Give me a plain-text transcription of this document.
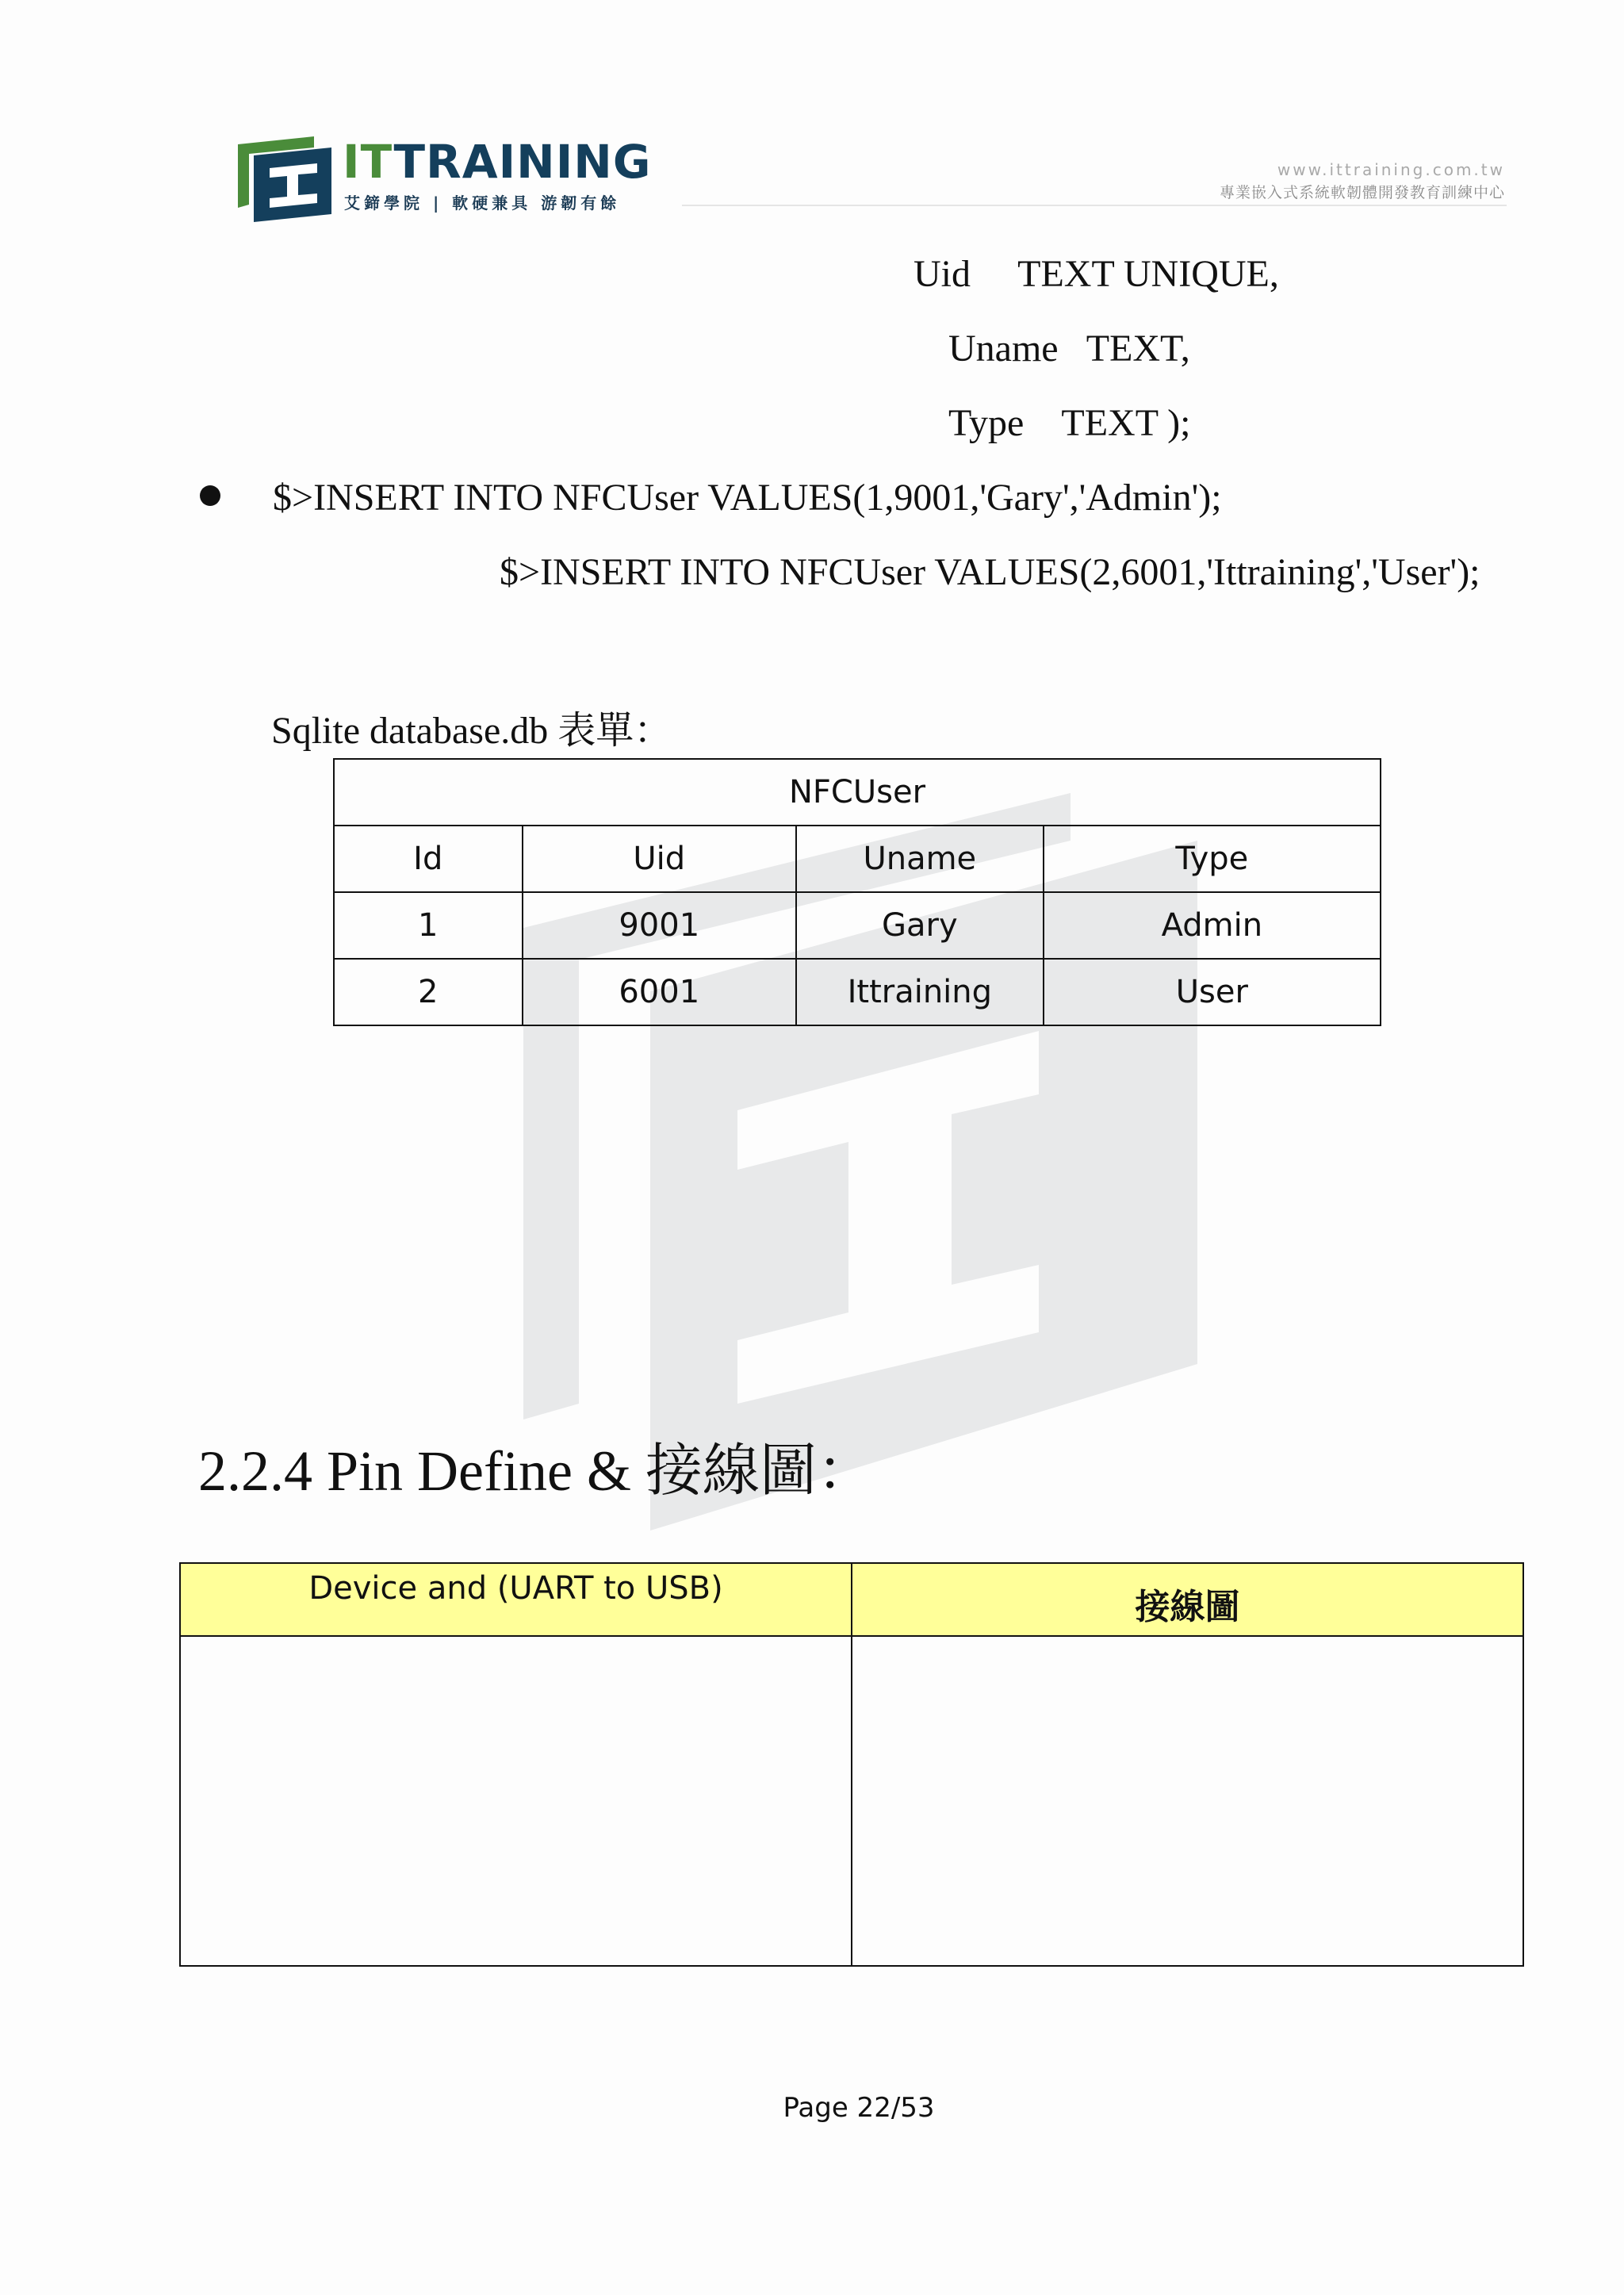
ITTRAINING
艾鍗學院 | 軟硬兼具 游韌有餘
www.ittraining.com.tw
專業嵌入式系統軟韌體開發教育訓練中心
Uid     TEXT UNIQUE,
Uname   TEXT,
Type    TEXT );
$>INSERT INTO NFCUser VALUES(1,9001,'Gary','Admin');
$>INSERT INTO NFCUser VALUES(2,6001,'Ittraining','User');
Sqlite database.db 表單：
NFCUser			
Id	Uid	Uname	Type
1	9001	Gary	Admin
2	6001	Ittraining	User
2.2.4 Pin Define & 接線圖：
Device and (UART to USB)	接線圖

Page 22/53
